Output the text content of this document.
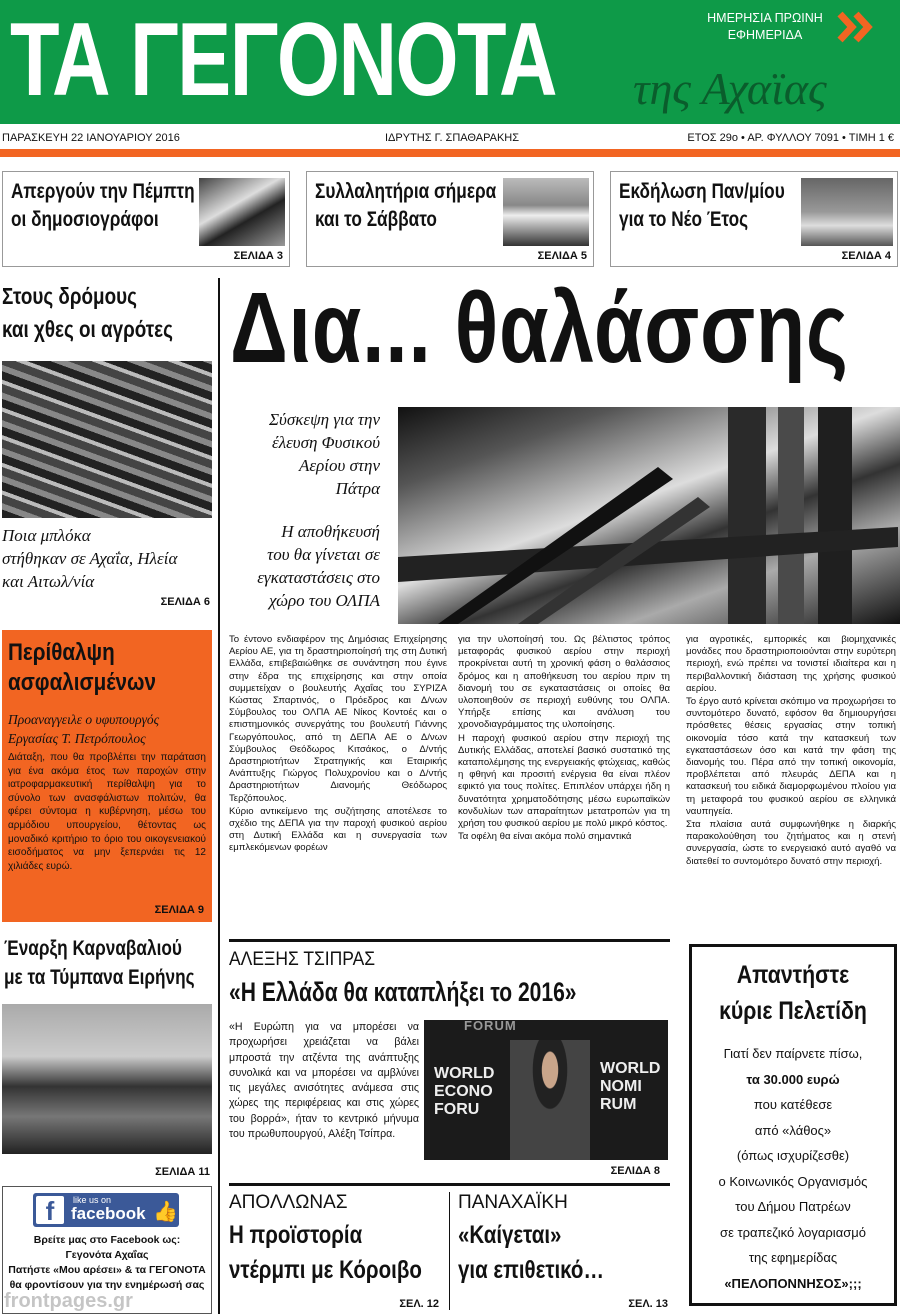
ΤΑ ΓΕΓΟΝΟΤΑ της Αχαϊας
ΗΜΕΡΗΣΙΑ ΠΡΩΙΝΗ
ΕΦΗΜΕΡΙΔΑ
ΠΑΡΑΣΚΕΥΗ 22 ΙΑΝΟΥΑΡΙΟΥ 2016	ΙΔΡΥΤΗΣ Γ. ΣΠΑΘΑΡΑΚΗΣ	ΕΤΟΣ 29ο • ΑΡ. ΦΥΛΛΟΥ 7091 • ΤΙΜΗ 1 €
Απεργούν την Πέμπτη
οι δημοσιογράφοι
ΣΕΛΙΔΑ 3
Συλλαλητήρια σήμερα
και το Σάββατο
ΣΕΛΙΔΑ 5
Εκδήλωση Παν/μίου
για το Νέο Έτος
ΣΕΛΙΔΑ 4
Στους δρόμους
και χθες οι αγρότες
Ποια μπλόκα
στήθηκαν σε Αχαΐα, Ηλεία
και Αιτωλ/νία
ΣΕΛΙΔΑ 6
Περίθαλψη
ασφαλισμένων
Προαναγγειλε ο υφυπουργός
Εργασίας Τ. Πετρόπουλος
Διάταξη, που θα προβλέπει την παράταση για ένα ακόμα έτος των παροχών στην ιατροφαρμακευτική περίθαλψη για το σύνολο των ανασφάλιστων πολιτών, θα φέρει σύντομα η κυβέρνηση, μέσω του αρμόδιου υπουργείου, θέτοντας ως μοναδικό κριτήριο το όριο του οικογενειακού εισοδήματος να μην ξεπερνάει τις 12 χιλιάδες ευρώ.
ΣΕΛΙΔΑ 9
Έναρξη Καρναβαλιού
με τα Τύμπανα Ειρήνης
ΣΕΛΙΔΑ 11
f	like us on
facebook 👍
Βρείτε μας στο Facebook ως:
Γεγονότα Αχαΐας
Πατήστε «Μου αρέσει» & τα ΓΕΓΟΝΟΤΑ
θα φροντίσουν για την ενημέρωσή σας
Δια... θαλάσσης
Σύσκεψη για την
έλευση Φυσικού
Αερίου στην
Πάτρα
Η αποθήκευσή
του θα γίνεται σε
εγκαταστάσεις στο
χώρο του ΟΛΠΑ

Το έντονο ενδιαφέρον της Δημόσιας Επιχείρησης Αερίου ΑΕ, για τη δραστηριοποίησή της στη Δυτική Ελλάδα, επιβεβαιώθηκε σε συνάντηση που έγινε στην έδρα της επιχείρησης και στην οποία συμμετείχαν ο βουλευτής Αχαΐας του ΣΥΡΙΖΑ Κώστας Σπαρτινός, ο Πρόεδρος και Δ/νων Σύμβουλος του ΟΛΠΑ ΑΕ Νίκος Κοντοές και ο επιστημονικός συνεργάτης του βουλευτή Γιάννης Γεωργόπουλος, από τη ΔΕΠΑ ΑΕ ο Δ/νων Σύμβουλος Θεόδωρος Κιτσάκος, ο Δ/ντής Δραστηριοτήτων Στρατηγικής και Εταιρικής Ανάπτυξης Γιώργος Πολυχρονίου και ο Δ/ντής Δραστηριοτήτων Διανομής Θεόδωρος Τερζόπουλος.

Κύριο αντικείμενο της συζήτησης αποτέλεσε το σχέδιο της ΔΕΠΑ για την παροχή φυσικού αερίου στη Δυτική Ελλάδα και η συνεργασία των εμπλεκόμενων φορέων

για την υλοποίησή του. Ως βέλτιστος τρόπος μεταφοράς φυσικού αερίου στην περιοχή προκρίνεται αυτή τη χρονική φάση ο θαλάσσιος δρόμος και η αποθήκευση του αερίου πριν τη διανομή του σε εγκαταστάσεις οι οποίες θα υλοποιηθούν σε περιοχή ευθύνης του ΟΛΠΑ. Υπήρξε επίσης και ανάλυση του χρονοδιαγράμματος της υλοποίησης.

Η παροχή φυσικού αερίου στην περιοχή της Δυτικής Ελλάδας, αποτελεί βασικό συστατικό της καταπολέμησης της ενεργειακής φτώχειας, καθώς η φθηνή και προσιτή ενέργεια θα είναι πλέον εφικτό για τους πολίτες. Επιπλέον υπάρχει ήδη η δυνατότητα χρηματοδότησης μέσω ευρωπαϊκών κονδυλίων των απαραίτητων μετατροπών για τη χρήση του φυσικού αερίου με πολύ μικρό κόστος.

Τα οφέλη θα είναι ακόμα πολύ σημαντικά

για αγροτικές, εμπορικές και βιομηχανικές μονάδες που δραστηριοποιούνται στην ευρύτερη περιοχή, ενώ πρέπει να τονιστεί ιδιαίτερα και η περιβαλλοντική διάσταση της χρήσης φυσικού αερίου.

Το έργο αυτό κρίνεται σκόπιμο να προχωρήσει το συντομότερο δυνατό, εφόσον θα δημιουργήσει πρόσθετες θέσεις εργασίας στην τοπική οικονομία τόσο κατά την κατασκευή των εγκαταστάσεων όσο και κατά την φάση της διανομής του. Πέρα από την τοπική οικονομία, προβλέπεται από πλευράς ΔΕΠΑ και η κατασκευή του ειδικά διαμορφωμένου πλοίου για τη μεταφορά του φυσικού αερίου σε ελληνικά ναυπηγεία.

Στα πλαίσια αυτά συμφωνήθηκε η διαρκής παρακολούθηση του ζητήματος και η στενή συνεργασία, ώστε το ενεργειακό αυτό αγαθό να διατεθεί το συντομότερο δυνατό στην περιοχή.

ΑΛΕΞΗΣ ΤΣΙΠΡΑΣ
«Η Ελλάδα θα καταπλήξει το 2016»
«Η Ευρώπη για να μπορέσει να προχωρήσει χρειάζεται να βάλει μπροστά την ατζέντα της ανάπτυξης συνολικά και να μπορέσει να αμβλύνει τις μεγάλες ανισότητες ανάμεσα στις χώρες της περιφέρειας και στις χώρες του βορρά», ήταν το κεντρικό μήνυμα του πρωθυπουργού, Αλέξη Τσίπρα.
FORUM
WORLD
ECONO
FORU
WORLD
NOMI
RUM
ΣΕΛΙΔΑ 8
Απαντήστε
κύριε Πελετίδη
Γιατί δεν παίρνετε πίσω,
τα 30.000 ευρώ
που κατέθεσε
από «λάθος»
(όπως ισχυρίζεσθε)
ο Κοινωνικός Οργανισμός
του Δήμου Πατρέων
σε τραπεζικό λογαριασμό
της εφημερίδας
«ΠΕΛΟΠΟΝΝΗΣΟΣ»;;;
ΑΠΟΛΛΩΝΑΣ
Η προϊστορία
ντέρμπι με Κόροιβο
ΣΕΛ. 12
ΠΑΝΑΧΑΪΚΗ
«Καίγεται»
για επιθετικό…
ΣΕΛ. 13
frontpages.gr
